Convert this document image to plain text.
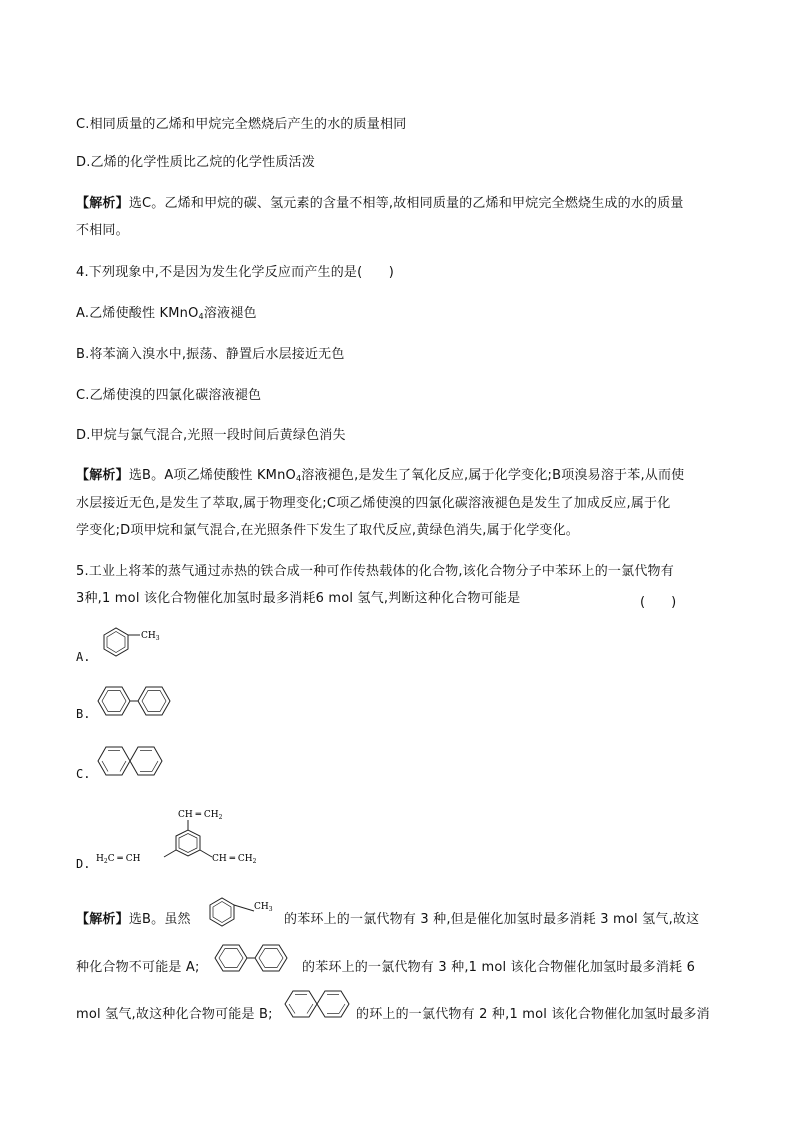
C.相同质量的乙烯和甲烷完全燃烧后产生的水的质量相同
D.乙烯的化学性质比乙烷的化学性质活泼
【解析】选C。乙烯和甲烷的碳、氢元素的含量不相等,故相同质量的乙烯和甲烷完全燃烧生成的水的质量
不相同。
4.下列现象中,不是因为发生化学反应而产生的是(　　)
A.乙烯使酸性 KMnO$_4$溶液褪色
B.将苯滴入溴水中,振荡、静置后水层接近无色
C.乙烯使溴的四氯化碳溶液褪色
D.甲烷与氯气混合,光照一段时间后黄绿色消失
【解析】选B。A项乙烯使酸性 KMnO$_4$溶液褪色,是发生了氧化反应,属于化学变化;B项溴易溶于苯,从而使
水层接近无色,是发生了萃取,属于物理变化;C项乙烯使溴的四氯化碳溶液褪色是发生了加成反应,属于化
学变化;D项甲烷和氯气混合,在光照条件下发生了取代反应,黄绿色消失,属于化学变化。
5.工业上将苯的蒸气通过赤热的铁合成一种可作传热载体的化合物,该化合物分子中苯环上的一氯代物有
3种,1 mol 该化合物催化加氢时最多消耗6 mol 氢气,判断这种化合物可能是	(　　)
A.
$CH_3$
B.
C.
D.
CH ═ $CH_2$
$H_2C$ ═ CH	CH ═ $CH_2$
【解析】选B。虽然
$CH_3$
的苯环上的一氯代物有 3 种,但是催化加氢时最多消耗 3 mol 氢气,故这
种化合物不可能是 A;	的苯环上的一氯代物有 3 种,1 mol 该化合物催化加氢时最多消耗 6
mol 氢气,故这种化合物可能是 B;	的环上的一氯代物有 2 种,1 mol 该化合物催化加氢时最多消
